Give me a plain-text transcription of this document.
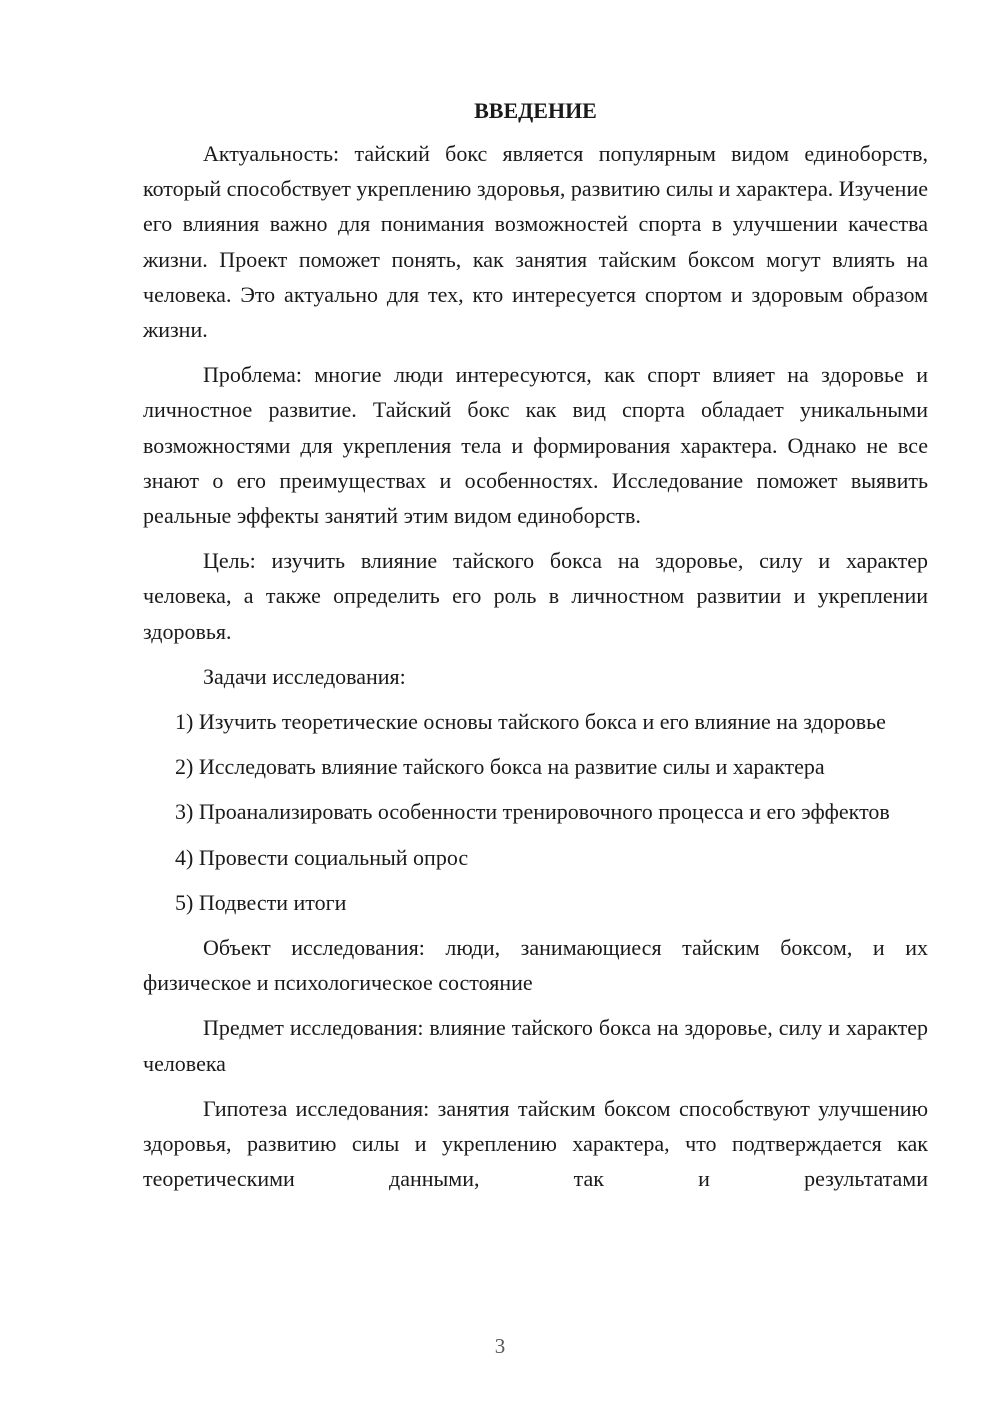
ВВЕДЕНИЕ

Актуальность: тайский бокс является популярным видом единоборств, который способствует укреплению здоровья, развитию силы и характера. Изучение его влияния важно для понимания возможностей спорта в улучшении качества жизни. Проект поможет понять, как занятия тайским боксом могут влиять на человека. Это актуально для тех, кто интересуется спортом и здоровым образом жизни.

Проблема: многие люди интересуются, как спорт влияет на здоровье и личностное развитие. Тайский бокс как вид спорта обладает уникальными возможностями для укрепления тела и формирования характера. Однако не все знают о его преимуществах и особенностях. Исследование поможет выявить реальные эффекты занятий этим видом единоборств.

Цель: изучить влияние тайского бокса на здоровье, силу и характер человека, а также определить его роль в личностном развитии и укреплении здоровья.

Задачи исследования:

1) Изучить теоретические основы тайского бокса и его влияние на здоровье

2) Исследовать влияние тайского бокса на развитие силы и характера

3) Проанализировать особенности тренировочного процесса и его эффектов

4) Провести социальный опрос

5) Подвести итоги

Объект исследования: люди, занимающиеся тайским боксом, и их физическое и психологическое состояние

Предмет исследования: влияние тайского бокса на здоровье, силу и характер человека

Гипотеза исследования: занятия тайским боксом способствуют улучшению здоровья, развитию силы и укреплению характера, что подтверждается как теоретическими данными, так и результатами

3
